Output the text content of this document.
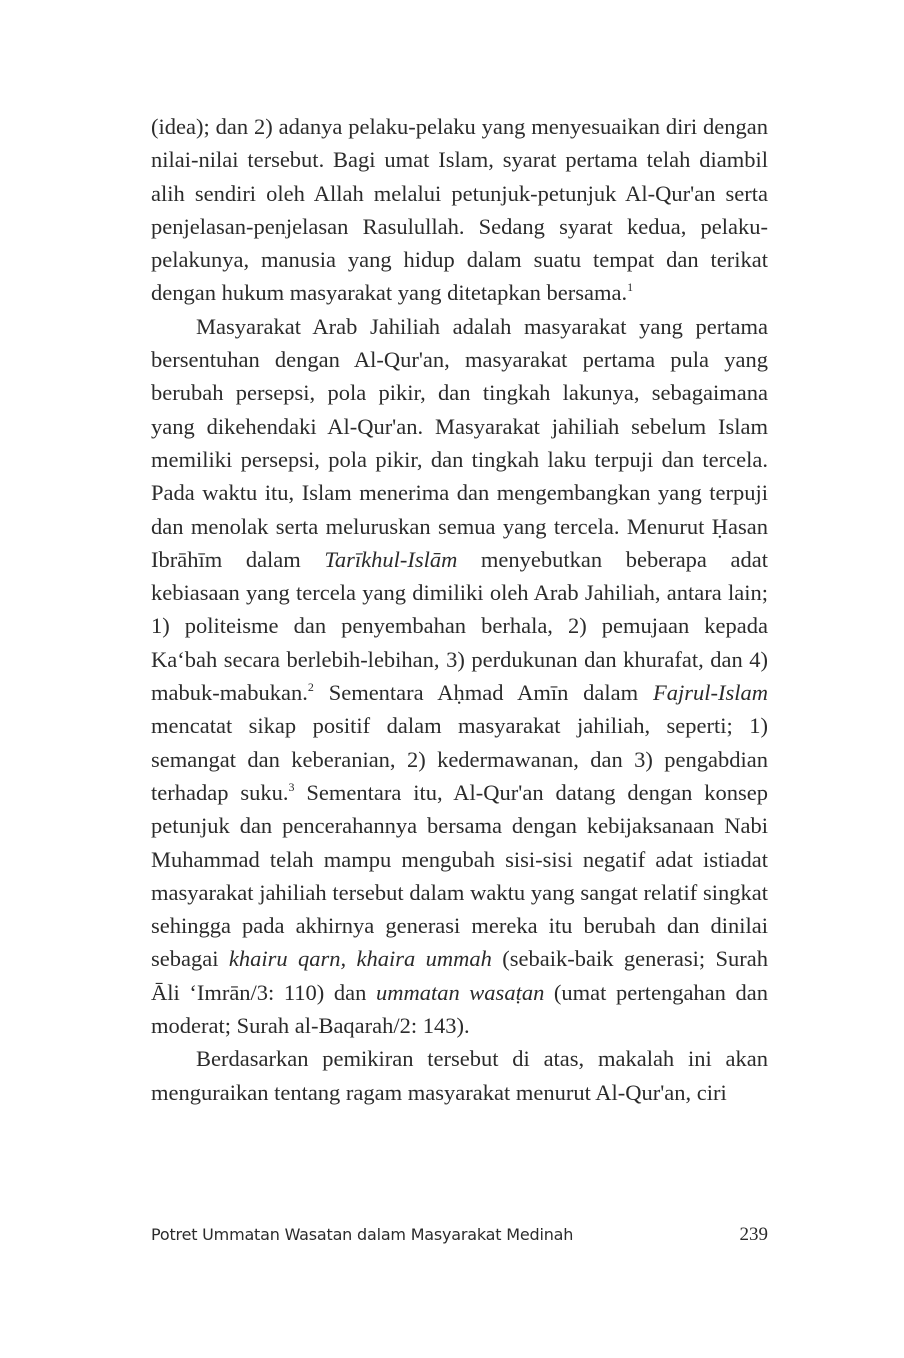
(idea); dan 2) adanya pelaku-pelaku yang menyesuaikan diri dengan nilai-nilai tersebut. Bagi umat Islam, syarat pertama telah diambil alih sendiri oleh Allah melalui petunjuk-petunjuk Al-Qur'an serta penjelasan-penjelasan Rasulullah. Sedang syarat kedua, pelaku-pelakunya, manusia yang hidup dalam suatu tempat dan terikat dengan hukum masyarakat yang ditetapkan bersama.$^1$

Masyarakat Arab Jahiliah adalah masyarakat yang pertama bersentuhan dengan Al-Qur'an, masyarakat pertama pula yang berubah persepsi, pola pikir, dan tingkah lakunya, sebagaimana yang dikehendaki Al-Qur'an. Masyarakat jahiliah sebelum Islam memiliki persepsi, pola pikir, dan tingkah laku terpuji dan tercela. Pada waktu itu, Islam menerima dan mengembangkan yang terpuji dan menolak serta meluruskan semua yang tercela. Menurut Ḥasan Ibrāhīm dalam Tarīkhul-Islām menyebutkan beberapa adat kebiasaan yang tercela yang dimiliki oleh Arab Jahiliah, antara lain; 1) politeisme dan penyembahan berhala, 2) pemujaan kepada Ka‘bah secara berlebih-lebihan, 3) perdukunan dan khurafat, dan 4) mabuk-mabukan.$^2$ Sementara Aḥmad Amīn dalam Fajrul-Islam mencatat sikap positif dalam masyarakat jahiliah, seperti; 1) semangat dan keberanian, 2) kedermawanan, dan 3) pengabdian terhadap suku.$^3$ Sementara itu, Al-Qur'an datang dengan konsep petunjuk dan pencerahannya bersama dengan kebijaksanaan Nabi Muhammad telah mampu mengubah sisi-sisi negatif adat istiadat masyarakat jahiliah tersebut dalam waktu yang sangat relatif singkat sehingga pada akhirnya generasi mereka itu berubah dan dinilai sebagai khairu qarn, khaira ummah (sebaik-baik generasi; Surah Āli ‘Imrān/3: 110) dan ummatan wasaṭan (umat pertengahan dan moderat; Surah al-Baqarah/2: 143).

Berdasarkan pemikiran tersebut di atas, makalah ini akan menguraikan tentang ragam masyarakat menurut Al-Qur'an, ciri

Potret Ummatan Wasatan dalam Masyarakat Medinah	239
